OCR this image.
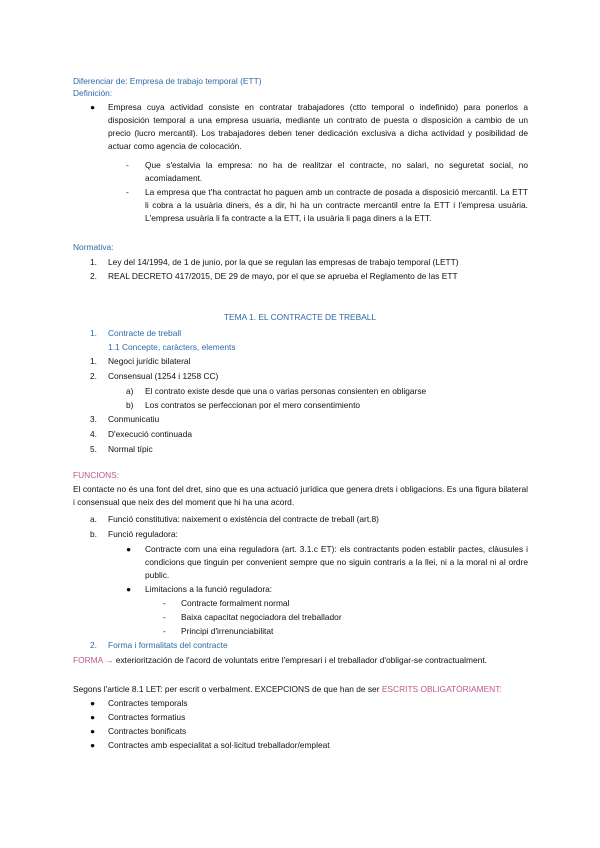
Diferenciar de: Empresa de trabajo temporal (ETT)
Definición:
● Empresa cuya actividad consiste en contratar trabajadores (ctto temporal o indefinido) para ponerlos a disposición temporal a una empresa usuaria, mediante un contrato de puesta o disposición a cambio de un precio (lucro mercantil). Los trabajadores deben tener dedicación exclusiva a dicha actividad y posibilidad de actuar como agencia de colocación.
- Que s'estalvia la empresa: no ha de realitzar el contracte, no salari, no seguretat social, no acomiadament.
- La empresa que t'ha contractat ho paguen amb un contracte de posada a disposició mercantil. La ETT li cobra a la usuària diners, és a dir, hi ha un contracte mercantil entre la ETT i l'empresa usuària. L'empresa usuària li fa contracte a la ETT, i la usuària li paga diners a la ETT.
Normativa:
1. Ley del 14/1994, de 1 de junio, por la que se regulan las empresas de trabajo temporal (LETT)
2. REAL DECRETO 417/2015, DE 29 de mayo, por el que se aprueba el Reglamento de las ETT
TEMA 1. EL CONTRACTE DE TREBALL
1. Contracte de treball
1.1 Concepte, caràcters, elements
1. Negoci jurídic bilateral
2. Consensual (1254 i 1258 CC)
a) El contrato existe desde que una o varias personas consienten en obligarse
b) Los contratos se perfeccionan por el mero consentimiento
3. Conmunicatiu
4. D'execució continuada
5. Normal típic
FUNCIONS:
El contacte no és una font del dret, sino que es una actuació jurídica que genera drets i obligacions. Es una figura bilateral i consensual que neix des del moment que hi ha una acord.
a. Funció constitutiva: naixement o existència del contracte de treball (art.8)
b. Funció reguladora:
● Contracte com una eina reguladora (art. 3.1.c ET): els contractants poden establir pactes, clàusules i condicions que tinguin per convenient sempre que no siguin contraris a la llei, ni a la moral ni al ordre public.
● Limitacions a la funció reguladora:
- Contracte formalment normal
- Baixa capacitat negociadora del treballador
- Principi d'irrenunciabilitat
2. Forma i formalitats del contracte
FORMA → exterioritzación de l'acord de voluntats entre l'empresari i el treballador d'obligar-se contractualment.
Segons l'article 8.1 LET: per escrit o verbalment. EXCEPCIONS de que han de ser ESCRITS OBLIGATÒRIAMENT:
● Contractes temporals
● Contractes formatius
● Contractes bonificats
● Contractes amb especialitat a sol·licitud treballador/empleat
